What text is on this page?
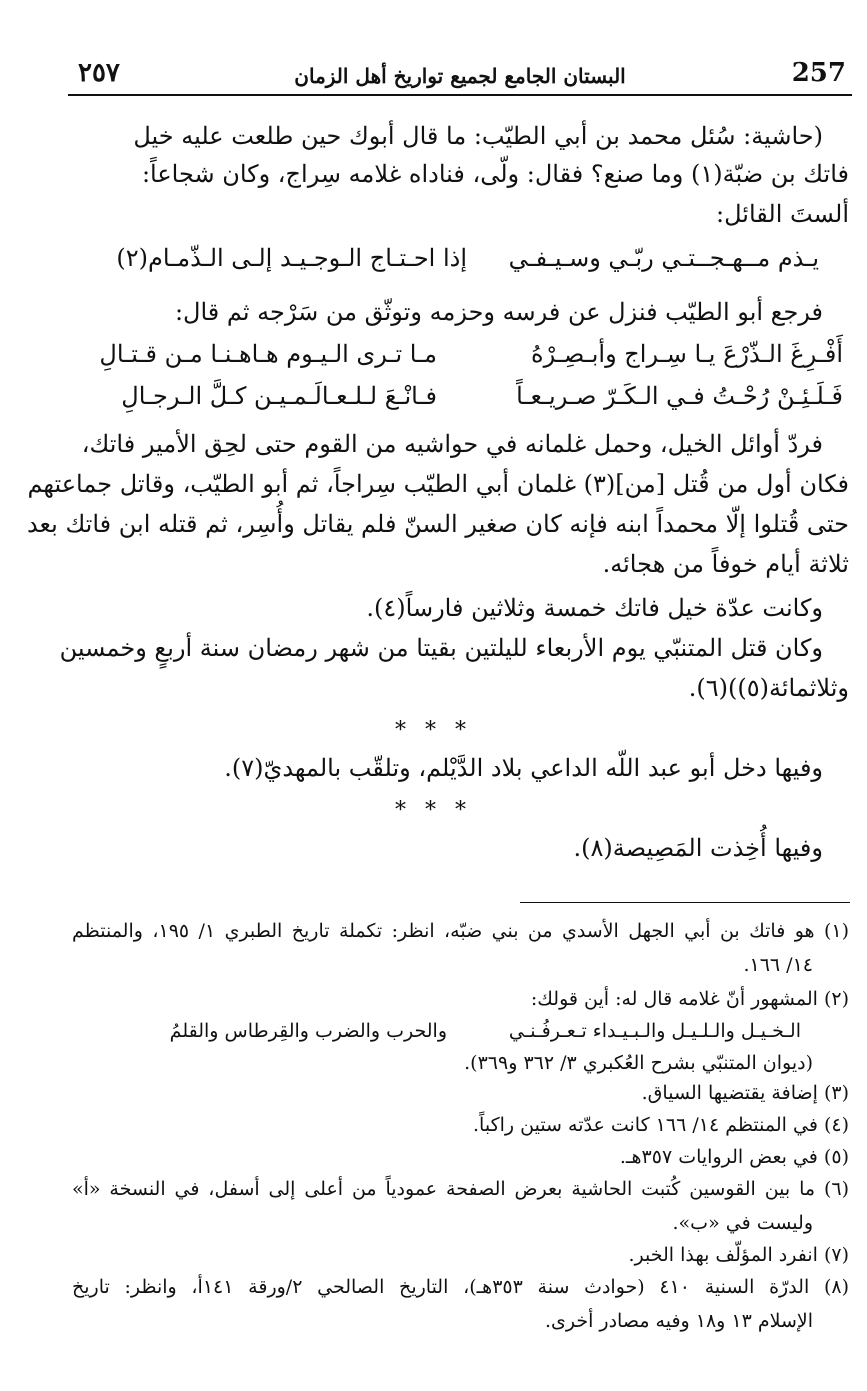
٢٥٧	البستان الجامع لجميع تواريخ أهل الزمان	257
(حاشية: سُئل محمد بن أبي الطيّب: ما قال أبوك حين طلعت عليه خيل
فاتك بن ضبّة(١) وما صنع؟ فقال: ولّى، فناداه غلامه سِراج، وكان شجاعاً:
ألستَ القائل:
يـذم مــهـجــتـي ربّـي وسـيـفـي
إذا احـتـاج الـوجـيـد إلـى الـذّمـام(٢)
فرجع أبو الطيّب فنزل عن فرسه وحزمه وتوثّق من سَرْجه ثم قال:
أَفْـرِغَ الـذّرْعَ يـا سِـراج وأبـصِـرْهُ
مـا تـرى الـيـوم هـاهـنـا مـن قـتـالِ
فَـلَـئِـنْ رُحْـتُ فـي الـكَـرّ صـريـعـاً
فـانْـعَ لـلـعـالَـمـيـن كـلَّ الـرجـالِ
فردّ أوائل الخيل، وحمل غلمانه في حواشيه من القوم حتى لحِق الأمير فاتك،
فكان أول من قُتل [من](٣) غلمان أبي الطيّب سِراجاً، ثم أبو الطيّب، وقاتل جماعتهم
حتى قُتلوا إلّا محمداً ابنه فإنه كان صغير السنّ فلم يقاتل وأُسِر، ثم قتله ابن فاتك بعد
ثلاثة أيام خوفاً من هجائه.
وكانت عدّة خيل فاتك خمسة وثلاثين فارساً(٤).
وكان قتل المتنبّي يوم الأربعاء لليلتين بقيتا من شهر رمضان سنة أربعٍ وخمسين
وثلاثمائة(٥))(٦).
* * *
وفيها دخل أبو عبد اللّه الداعي بلاد الدَّيْلم، وتلقّب بالمهديّ(٧).
* * *
وفيها أُخِذت المَصِيصة(٨).
(١) هو فاتك بن أبي الجهل الأسدي من بني ضبّه، انظر: تكملة تاريخ الطبري ١/ ١٩٥، والمنتظم
١٤/ ١٦٦.
(٢) المشهور أنّ غلامه قال له: أين قولك:
الـخـيـل والـلـيـل والـبـيـداء تـعـرفُـنـي
والحرب والضرب والقِرطاس والقلمُ
(ديوان المتنبّي بشرح العُكبري ٣/ ٣٦٢ و٣٦٩).
(٣) إضافة يقتضيها السياق.
(٤) في المنتظم ١٤/ ١٦٦ كانت عدّته ستين راكباً.
(٥) في بعض الروايات ٣٥٧هـ.
(٦) ما بين القوسين كُتبت الحاشية بعرض الصفحة عمودياً من أعلى إلى أسفل، في النسخة «أ»
وليست في «ب».
(٧) انفرد المؤلّف بهذا الخبر.
(٨) الدرّة السنية ٤١٠ (حوادث سنة ٣٥٣هـ)، التاريخ الصالحي ٢/ورقة ١٤١أ، وانظر: تاريخ
الإسلام ١٣ و١٨ وفيه مصادر أخرى.
